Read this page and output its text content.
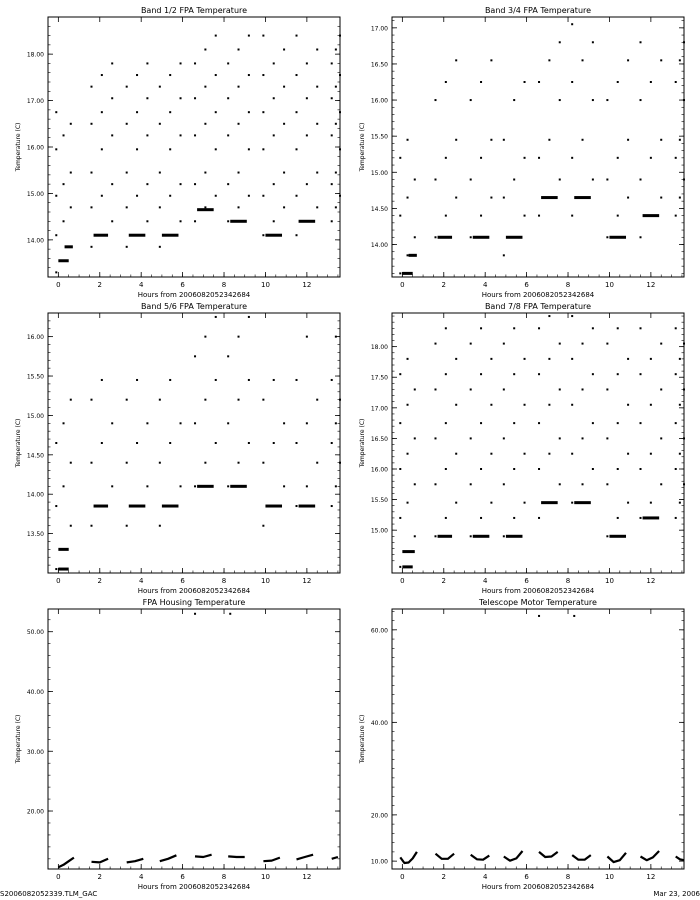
Band 1/2 FPA Temperature
Hours from 2006082052342684
Temperature (C)
0	2	4	6	8	10	12
14.00
15.00
16.00
17.00
18.00
Band 3/4 FPA Temperature
Hours from 2006082052342684
Temperature (C)
0	2	4	6	8	10	12
14.00
14.50
15.00
15.50
16.00
16.50
17.00
Band 5/6 FPA Temperature
Hours from 2006082052342684
Temperature (C)
0	2	4	6	8	10	12
13.50
14.00
14.50
15.00
15.50
16.00
Band 7/8 FPA Temperature
Hours from 2006082052342684
Temperature (C)
0	2	4	6	8	10	12
15.00
15.50
16.00
16.50
17.00
17.50
18.00
FPA Housing Temperature
Hours from 2006082052342684
Temperature (C)
0	2	4	6	8	10	12
20.00
30.00
40.00
50.00
Telescope Motor Temperature
Hours from 2006082052342684
Temperature (C)
0	2	4	6	8	10	12
10.00
20.00
40.00
60.00
S2006082052339.TLM_GAC	Mar 23, 2006
